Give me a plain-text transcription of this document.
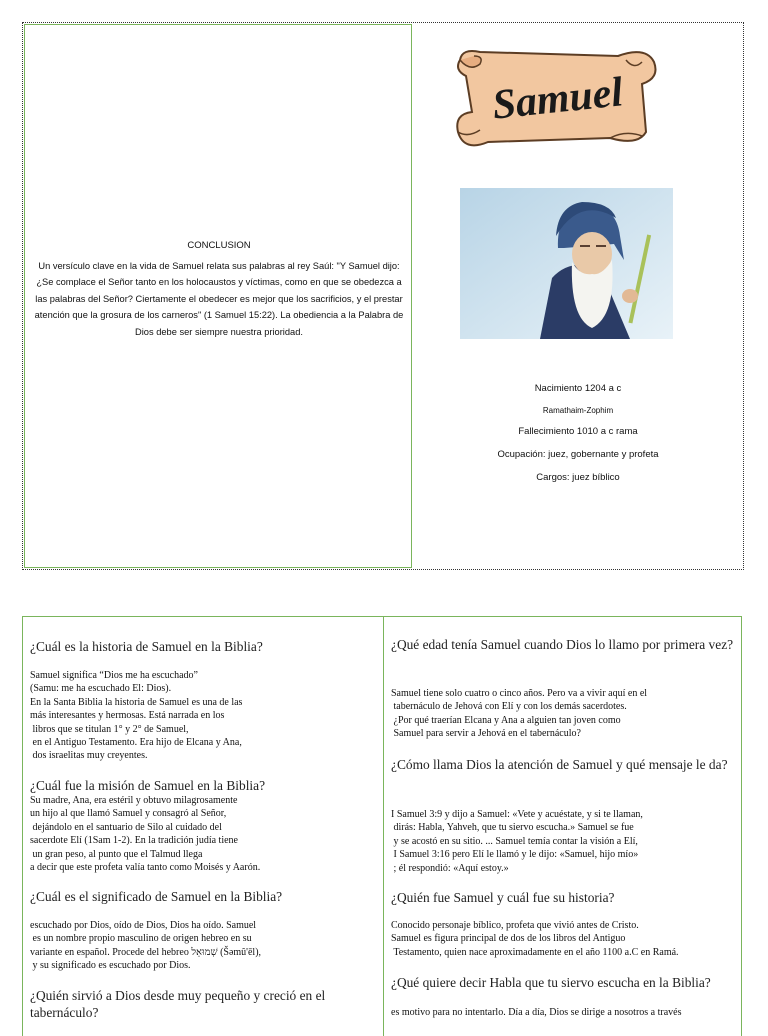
CONCLUSION
Un versículo clave en la vida de Samuel relata sus palabras al rey Saúl: "Y Samuel dijo: ¿Se complace el Señor tanto en los holocaustos y víctimas, como en que se obedezca a las palabras del Señor? Ciertamente el obedecer es mejor que los sacrificios, y el prestar atención que la grosura de los carneros" (1 Samuel 15:22). La obediencia a la Palabra de Dios debe ser siempre nuestra prioridad.
Samuel
Nacimiento 1204 a c
Ramathaim-Zophim
Fallecimiento 1010 a c rama
Ocupación: juez, gobernante y profeta
Cargos: juez bíblico
¿Cuál es la historia de Samuel en la Biblia?
Samuel significa “Dios me ha escuchado”
(Samu: me ha escuchado El: Dios).
En la Santa Biblia la historia de Samuel es una de las
más interesantes y hermosas. Está narrada en los
libros que se titulan 1° y 2° de Samuel,
en el Antiguo Testamento. Era hijo de Elcana y Ana,
dos israelitas muy creyentes.
¿Cuál fue la misión de Samuel en la Biblia?
Su madre, Ana, era estéril y obtuvo milagrosamente
un hijo al que llamó Samuel y consagró al Señor,
dejándolo en el santuario de Silo al cuidado del
sacerdote Elí (1Sam 1-2). En la tradición judía tiene
un gran peso, al punto que el Talmud llega
a decir que este profeta valía tanto como Moisés y Aarón.
¿Cuál es el significado de Samuel en la Biblia?
escuchado por Dios, oído de Dios, Dios ha oído. Samuel
es un nombre propio masculino de origen hebreo en su
variante en español. Procede del hebreo שְׁמוּאֵל (Šəmû'ēl),
y su significado es escuchado por Dios.
¿Quién sirvió a Dios desde muy pequeño y creció en el tabernáculo?
¿Qué edad tenía Samuel cuando Dios lo llamo por primera vez?
Samuel tiene solo cuatro o cinco años. Pero va a vivir aquí en el
tabernáculo de Jehová con Elí y con los demás sacerdotes.
¿Por qué traerían Elcana y Ana a alguien tan joven como
Samuel para servir a Jehová en el tabernáculo?
¿Cómo llama Dios la atención de Samuel y qué mensaje le da?
I Samuel 3:9 y dijo a Samuel: «Vete y acuéstate, y si te llaman,
dirás: Habla, Yahveh, que tu siervo escucha.» Samuel se fue
y se acostó en su sitio. ... Samuel temía contar la visión a Elí,
I Samuel 3:16 pero Elí le llamó y le dijo: «Samuel, hijo mío»
; él respondió: «Aquí estoy.»
¿Quién fue Samuel y cuál fue su historia?
Conocido personaje bíblico, profeta que vivió antes de Cristo.
Samuel es figura principal de dos de los libros del Antiguo
Testamento, quien nace aproximadamente en el año 1100 a.C en Ramá.
¿Qué quiere decir Habla que tu siervo escucha en la Biblia?
es motivo para no intentarlo. Día a día, Dios se dirige a nosotros a través
